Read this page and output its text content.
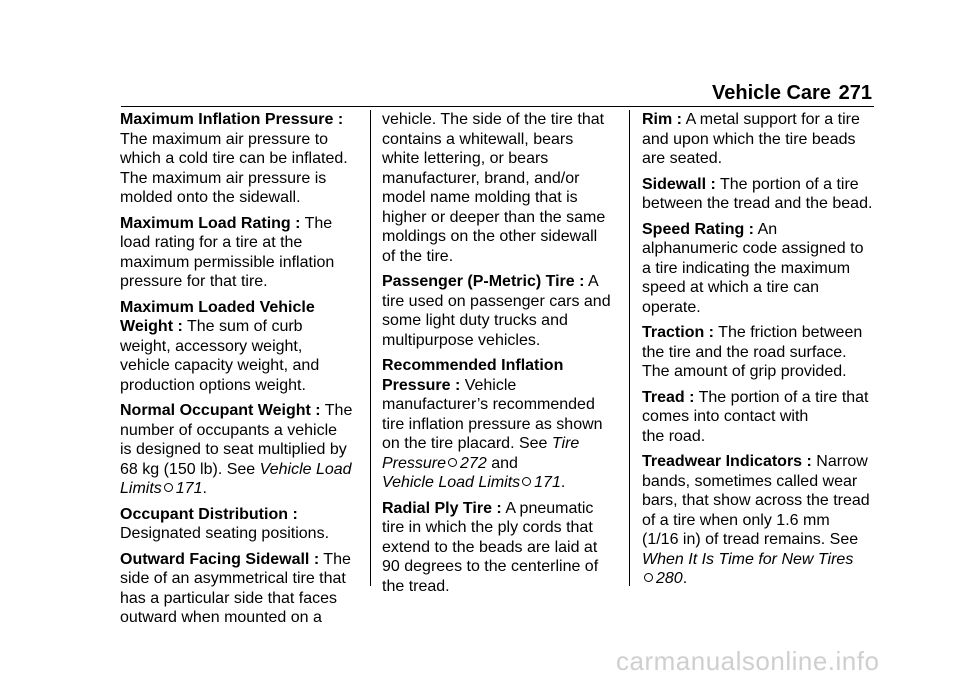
Vehicle Care 271

Maximum Inflation Pressure :
The maximum air pressure to
which a cold tire can be inflated.
The maximum air pressure is
molded onto the sidewall.

Maximum Load Rating : The
load rating for a tire at the
maximum permissible inflation
pressure for that tire.

Maximum Loaded Vehicle
Weight : The sum of curb
weight, accessory weight,
vehicle capacity weight, and
production options weight.

Normal Occupant Weight : The
number of occupants a vehicle
is designed to seat multiplied by
68 kg (150 lb). See Vehicle Load
Limits 171.

Occupant Distribution :
Designated seating positions.

Outward Facing Sidewall : The
side of an asymmetrical tire that
has a particular side that faces
outward when mounted on a

vehicle. The side of the tire that
contains a whitewall, bears
white lettering, or bears
manufacturer, brand, and/or
model name molding that is
higher or deeper than the same
moldings on the other sidewall
of the tire.

Passenger (P-Metric) Tire : A
tire used on passenger cars and
some light duty trucks and
multipurpose vehicles.

Recommended Inflation
Pressure : Vehicle
manufacturer’s recommended
tire inflation pressure as shown
on the tire placard. See Tire
Pressure 272 and
Vehicle Load Limits 171.

Radial Ply Tire : A pneumatic
tire in which the ply cords that
extend to the beads are laid at
90 degrees to the centerline of
the tread.

Rim : A metal support for a tire
and upon which the tire beads
are seated.

Sidewall : The portion of a tire
between the tread and the bead.

Speed Rating : An
alphanumeric code assigned to
a tire indicating the maximum
speed at which a tire can
operate.

Traction : The friction between
the tire and the road surface.
The amount of grip provided.

Tread : The portion of a tire that
comes into contact with
the road.

Treadwear Indicators : Narrow
bands, sometimes called wear
bars, that show across the tread
of a tire when only 1.6 mm
(1/16 in) of tread remains. See
When It Is Time for New Tires
280.

carmanualsonline.info
